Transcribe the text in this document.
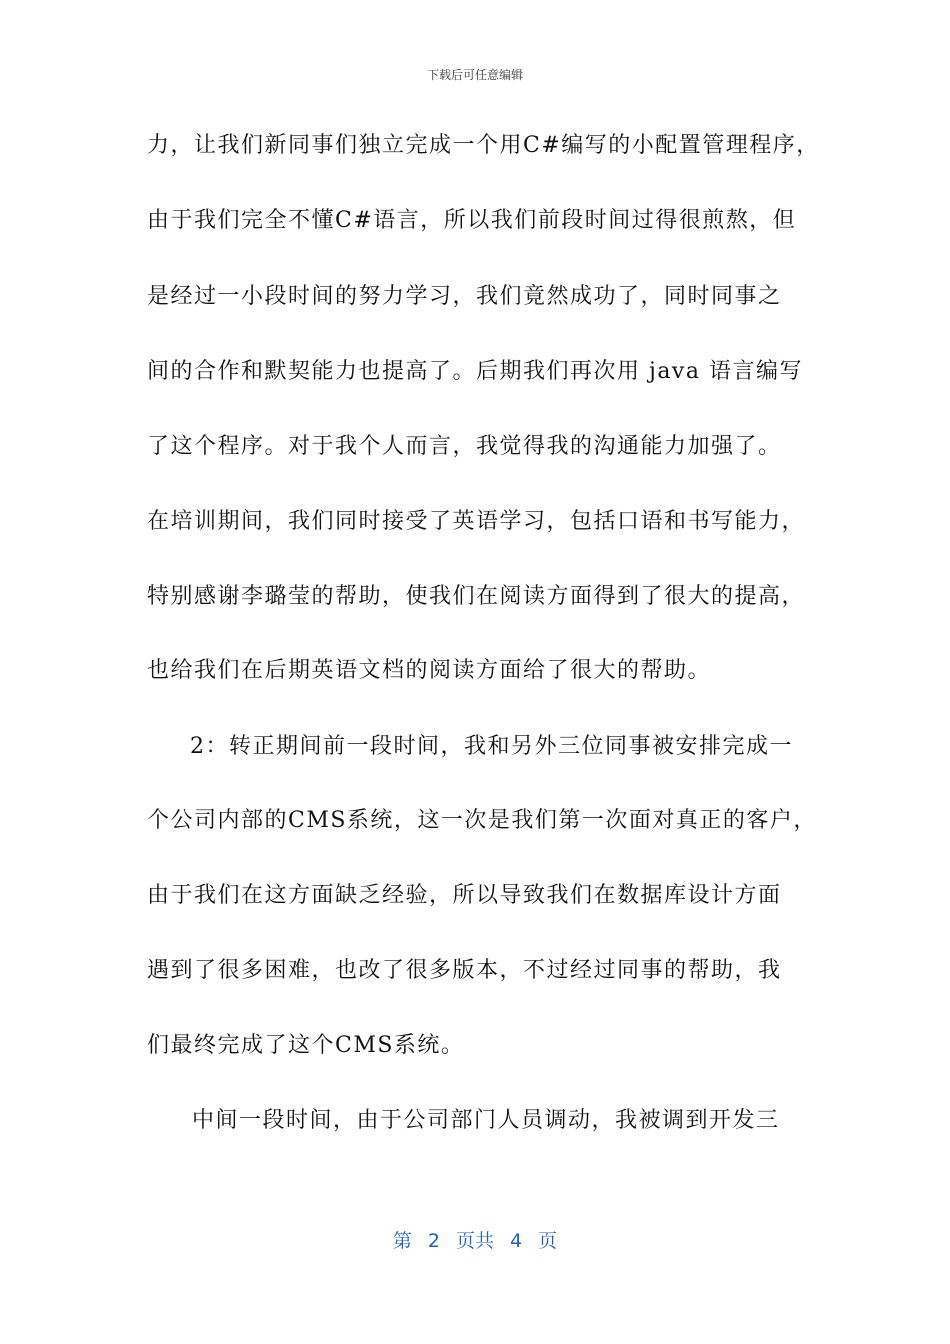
下载后可任意编辑
力，让我们新同事们独立完成一个用C#编写的小配置管理程序，
由于我们完全不懂C#语言，所以我们前段时间过得很煎熬，但
是经过一小段时间的努力学习，我们竟然成功了，同时同事之
间的合作和默契能力也提高了。后期我们再次用 java 语言编写
了这个程序。对于我个人而言，我觉得我的沟通能力加强了。
在培训期间，我们同时接受了英语学习，包括口语和书写能力，
特别感谢李璐莹的帮助，使我们在阅读方面得到了很大的提高，
也给我们在后期英语文档的阅读方面给了很大的帮助。
2：转正期间前一段时间，我和另外三位同事被安排完成一
个公司内部的CMS系统，这一次是我们第一次面对真正的客户，
由于我们在这方面缺乏经验，所以导致我们在数据库设计方面
遇到了很多困难，也改了很多版本，不过经过同事的帮助，我
们最终完成了这个CMS系统。
中间一段时间，由于公司部门人员调动，我被调到开发三
第 2 页共 4 页
